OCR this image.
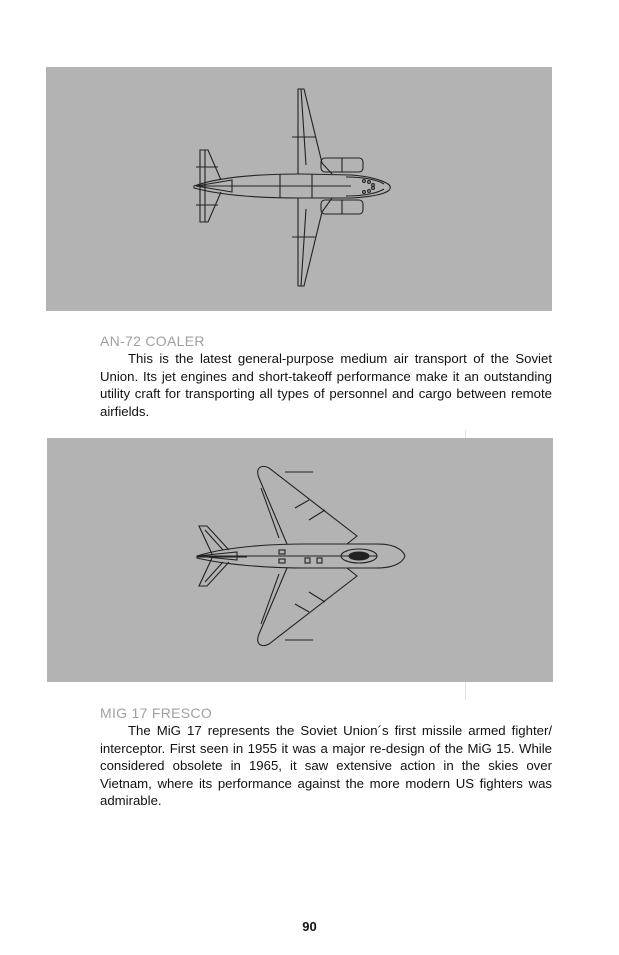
AN-72 COALER

This is the latest general-purpose medium air transport of the Soviet Union. Its jet engines and short-takeoff performance make it an outstanding utility craft for transporting all types of personnel and cargo between remote airfields.

MIG 17 FRESCO

The MiG 17 represents the Soviet Union´s first missile armed fighter/ interceptor. First seen in 1955 it was a major re-design of the MiG 15. While considered obsolete in 1965, it saw extensive action in the skies over Vietnam, where its performance against the more modern US fighters was admirable.

90
